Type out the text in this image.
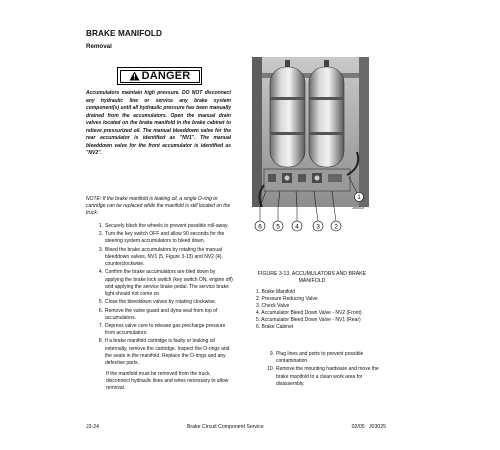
BRAKE MANIFOLD
Removal
DANGER
Accumulators maintain high pressure. DO NOT disconnect any hydraulic line or service any brake system component(s) until all hydraulic pressure has been manually drained from the accumulators. Open the manual drain valves located on the brake manifold in the brake cabinet to relieve pressurized oil. The manual bleeddown valve for the rear accumulator is identified as "NV1". The manual bleeddown valve for the front accumulator is identified as "NV2".
NOTE: If the brake manifold is leaking oil, a single O-ring or cartridge can be replaced while the manifold is still located on the truck.
1. Securely block the wheels to prevent possible roll-away.
2. Turn the key switch OFF and allow 90 seconds for the steering system accumulators to bleed down.
3. Bleed the brake accumulators by rotating the manual bleeddown valves, NV1 (5, Figure 3-13) and NV2 (4), counterclockwise.
4. Confirm the brake accumulators are bled down by applying the brake lock switch (key switch ON, engine off) and applying the service brake pedal. The service brake light should not come on.
5. Close the bleeddown valves by rotating clockwise.
6. Remove the valve guard and dyna-seal from top of accumulators.
7. Depress valve core to release gas precharge pressure from accumulators.
8. If a brake manifold cartridge is faulty or leaking oil externally, remove the cartridge. Inspect the O-rings and the seats in the manifold. Replace the O-rings and any defective parts.
If the manifold must be removed from the truck, disconnect hydraulic lines and wires necessary to allow removal.
1
6 5 4	3 2
J00010
FIGURE 3-13. ACCUMULATORS AND BRAKE MANIFOLD
1. Brake Manifold
2. Pressure Reducing Valve
3. Check Valve
4. Accumulator Bleed Down Valve - NV2 (Front)
5. Accumulator Bleed Down Valve - NV1 (Rear)
6. Brake Cabinet
9. Plug lines and ports to prevent possible contamination.
10. Remove the mounting hardware and move the brake manifold to a clean work area for disassembly.
J3-24	Brake Circuit Component Service	02/05   J03025
